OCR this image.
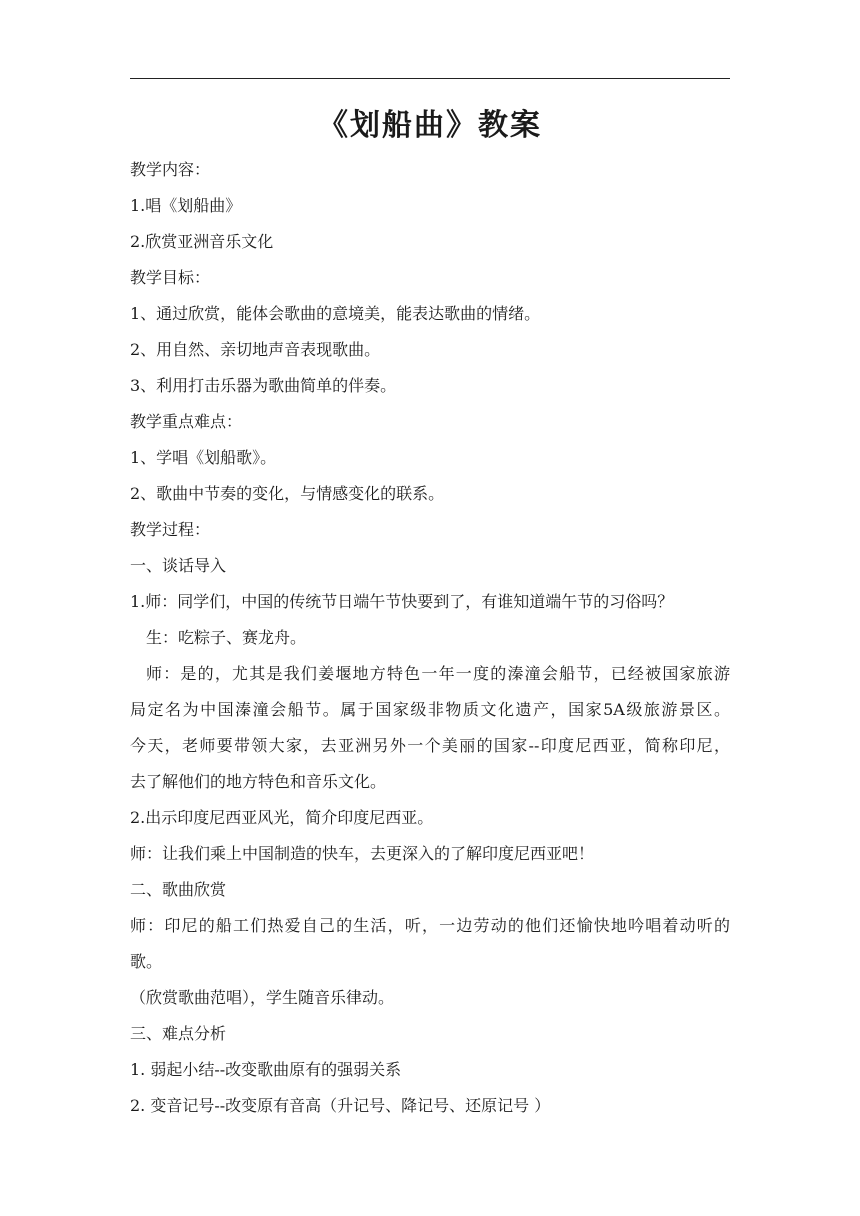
《划船曲》教案
教学内容：
1.唱《划船曲》
2.欣赏亚洲音乐文化
教学目标：
1、通过欣赏，能体会歌曲的意境美，能表达歌曲的情绪。
2、用自然、亲切地声音表现歌曲。
3、利用打击乐器为歌曲简单的伴奏。
教学重点难点：
1、学唱《划船歌》。
2、歌曲中节奏的变化，与情感变化的联系。
教学过程：
一、谈话导入
1.师：同学们，中国的传统节日端午节快要到了，有谁知道端午节的习俗吗？
生：吃粽子、赛龙舟。
师：是的，尤其是我们姜堰地方特色一年一度的溱潼会船节，已经被国家旅游
局定名为中国溱潼会船节。属于国家级非物质文化遗产，国家5A级旅游景区。
今天，老师要带领大家，去亚洲另外一个美丽的国家--印度尼西亚，简称印尼，
去了解他们的地方特色和音乐文化。
2.出示印度尼西亚风光，简介印度尼西亚。
师：让我们乘上中国制造的快车，去更深入的了解印度尼西亚吧！
二、歌曲欣赏
师：印尼的船工们热爱自己的生活，听，一边劳动的他们还愉快地吟唱着动听的
歌。
（欣赏歌曲范唱），学生随音乐律动。
三、难点分析
1. 弱起小结--改变歌曲原有的强弱关系
2. 变音记号--改变原有音高（升记号、降记号、还原记号 ）
